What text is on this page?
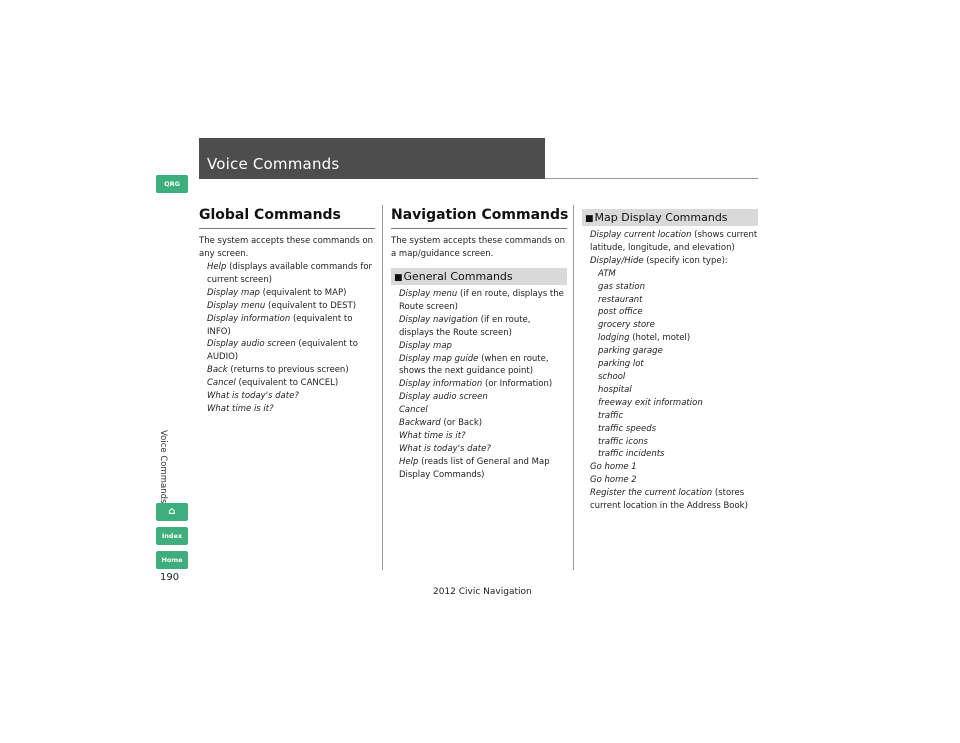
Voice Commands
QRG
Voice Commands
⌂
Index
Home
190
Global Commands
The system accepts these commands on any screen.
Help (displays available commands for current screen)
Display map (equivalent to MAP)
Display menu (equivalent to DEST)
Display information (equivalent to INFO)
Display audio screen (equivalent to AUDIO)
Back (returns to previous screen)
Cancel (equivalent to CANCEL)
What is today's date?
What time is it?
Navigation Commands
The system accepts these commands on a map/guidance screen.
■General Commands
Display menu (if en route, displays the Route screen)
Display navigation (if en route, displays the Route screen)
Display map
Display map guide (when en route, shows the next guidance point)
Display information (or Information)
Display audio screen
Cancel
Backward (or Back)
What time is it?
What is today's date?
Help (reads list of General and Map Display Commands)
■Map Display Commands
Display current location (shows current latitude, longitude, and elevation)
Display/Hide (specify icon type):
ATM
gas station
restaurant
post office
grocery store
lodging (hotel, motel)
parking garage
parking lot
school
hospital
freeway exit information
traffic
traffic speeds
traffic icons
traffic incidents
Go home 1
Go home 2
Register the current location (stores current location in the Address Book)
2012 Civic Navigation
